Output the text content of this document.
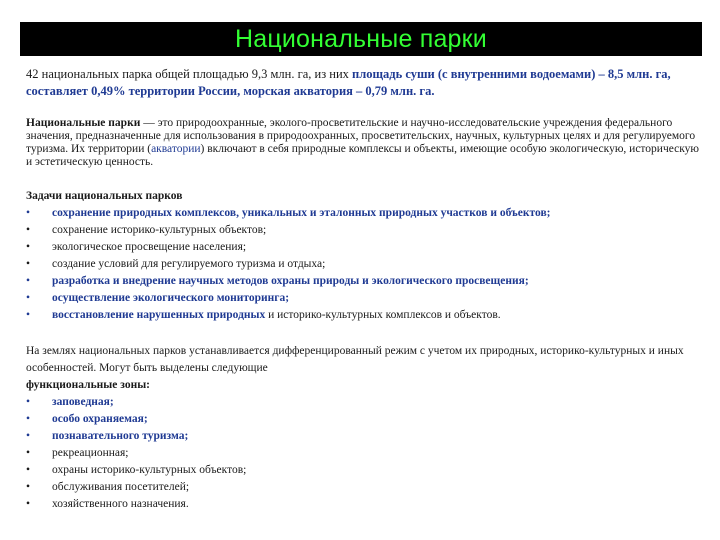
Национальные парки

42 национальных парка общей площадью 9,3 млн. га, из них площадь суши (с внутренними водоемами) – 8,5 млн. га, составляет 0,49% территории России, морская акватория – 0,79 млн. га.

Национальные парки — это природоохранные, эколого-просветительские и научно-исследовательские учреждения федерального значения, предназначенные для использования в природоохранных, просветительских, научных, культурных целях и для регулируемого туризма. Их территории (акватории) включают в себя природные комплексы и объекты, имеющие особую экологическую, историческую и эстетическую ценность.

Задачи национальных парков

•	сохранение природных комплексов, уникальных и эталонных природных участков и объектов;
•	сохранение историко-культурных объектов;
•	экологическое просвещение населения;
•	создание условий для регулируемого туризма и отдыха;
•	разработка и внедрение научных методов охраны природы и экологического просвещения;
•	осуществление экологического мониторинга;
•	восстановление нарушенных природных и историко-культурных комплексов и объектов.

На землях национальных парков устанавливается дифференцированный режим с учетом их природных, историко-культурных и иных особенностей. Могут быть выделены следующие

функциональные зоны:

•	заповедная;
•	особо охраняемая;
•	познавательного туризма;
•	рекреационная;
•	охраны историко-культурных объектов;
•	обслуживания посетителей;
•	хозяйственного назначения.
